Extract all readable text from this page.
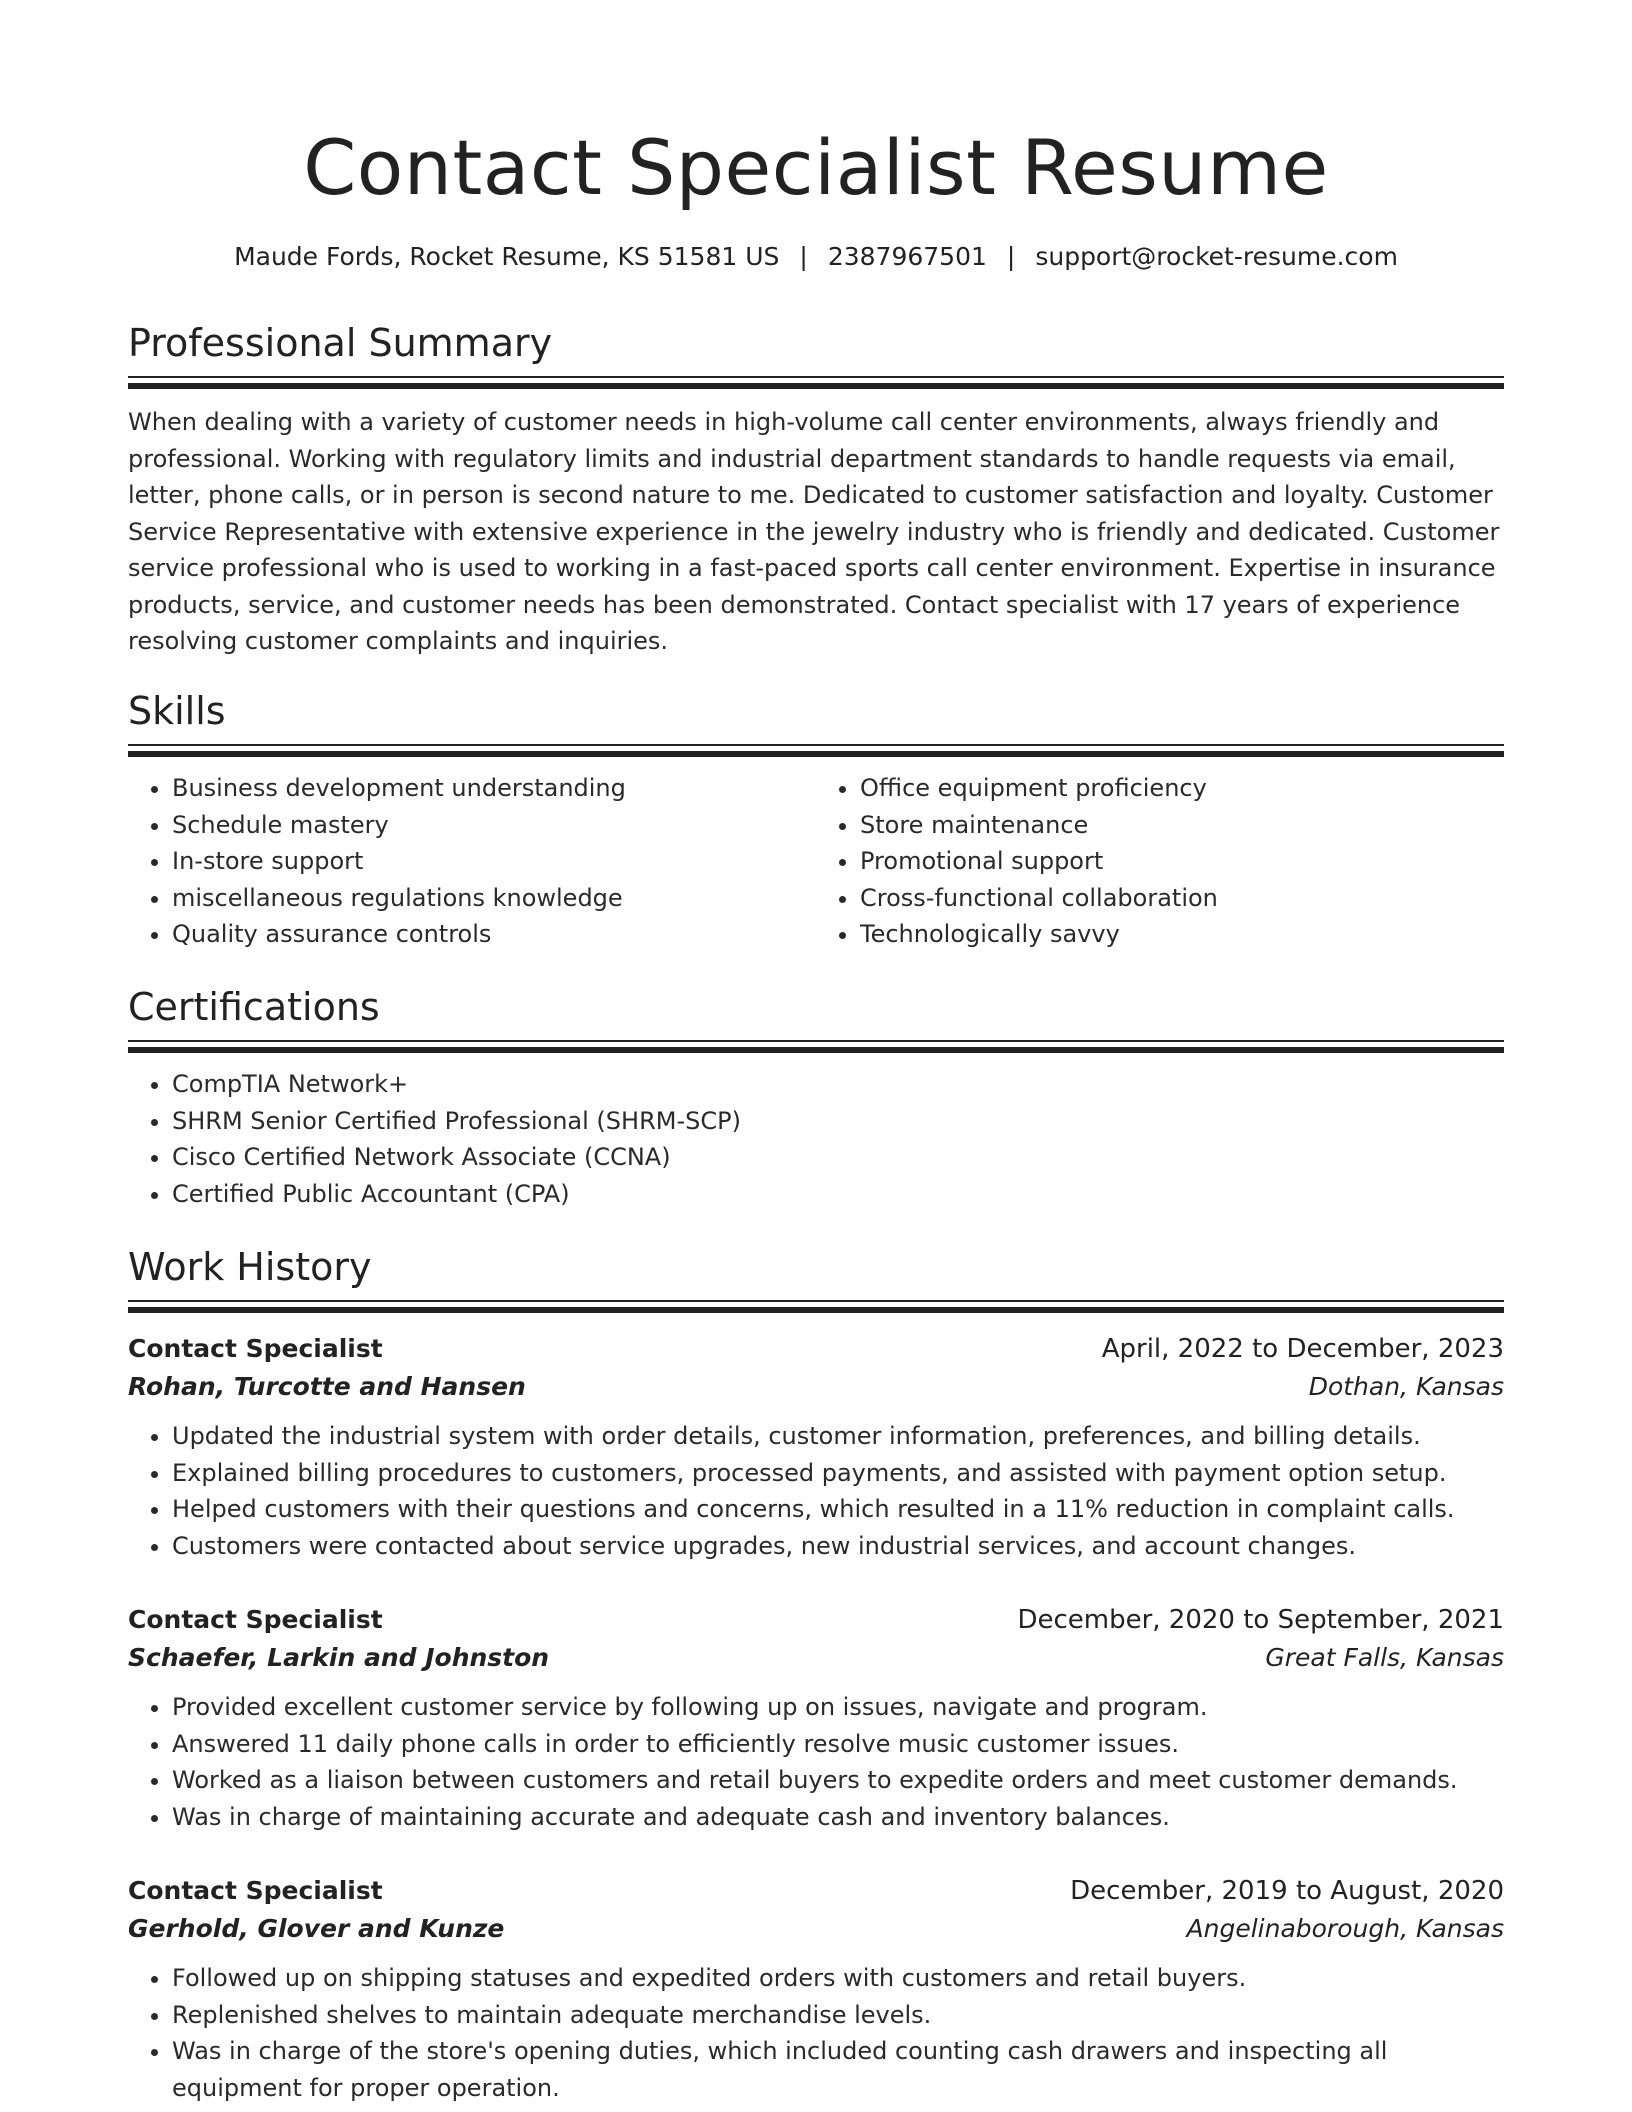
Contact Specialist Resume
Maude Fords, Rocket Resume, KS 51581 US | 2387967501 | support@rocket-resume.com
Professional Summary

When dealing with a variety of customer needs in high-volume call center environments, always friendly and professional. Working with regulatory limits and industrial department standards to handle requests via email, letter, phone calls, or in person is second nature to me. Dedicated to customer satisfaction and loyalty. Customer Service Representative with extensive experience in the jewelry industry who is friendly and dedicated. Customer service professional who is used to working in a fast-paced sports call center environment. Expertise in insurance products, service, and customer needs has been demonstrated. Contact specialist with 17 years of experience resolving customer complaints and inquiries.

Skills
• Business development understanding
• Schedule mastery
• In-store support
• miscellaneous regulations knowledge
• Quality assurance controls
• Office equipment proficiency
• Store maintenance
• Promotional support
• Cross-functional collaboration
• Technologically savvy
Certifications
• CompTIA Network+
• SHRM Senior Certified Professional (SHRM-SCP)
• Cisco Certified Network Associate (CCNA)
• Certified Public Accountant (CPA)
Work History
Contact Specialist	April, 2022 to December, 2023
Rohan, Turcotte and Hansen	Dothan, Kansas
• Updated the industrial system with order details, customer information, preferences, and billing details.
• Explained billing procedures to customers, processed payments, and assisted with payment option setup.
• Helped customers with their questions and concerns, which resulted in a 11% reduction in complaint calls.
• Customers were contacted about service upgrades, new industrial services, and account changes.
Contact Specialist	December, 2020 to September, 2021
Schaefer, Larkin and Johnston	Great Falls, Kansas
• Provided excellent customer service by following up on issues, navigate and program.
• Answered 11 daily phone calls in order to efficiently resolve music customer issues.
• Worked as a liaison between customers and retail buyers to expedite orders and meet customer demands.
• Was in charge of maintaining accurate and adequate cash and inventory balances.
Contact Specialist	December, 2019 to August, 2020
Gerhold, Glover and Kunze	Angelinaborough, Kansas
• Followed up on shipping statuses and expedited orders with customers and retail buyers.
• Replenished shelves to maintain adequate merchandise levels.
• Was in charge of the store's opening duties, which included counting cash drawers and inspecting all equipment for proper operation.
